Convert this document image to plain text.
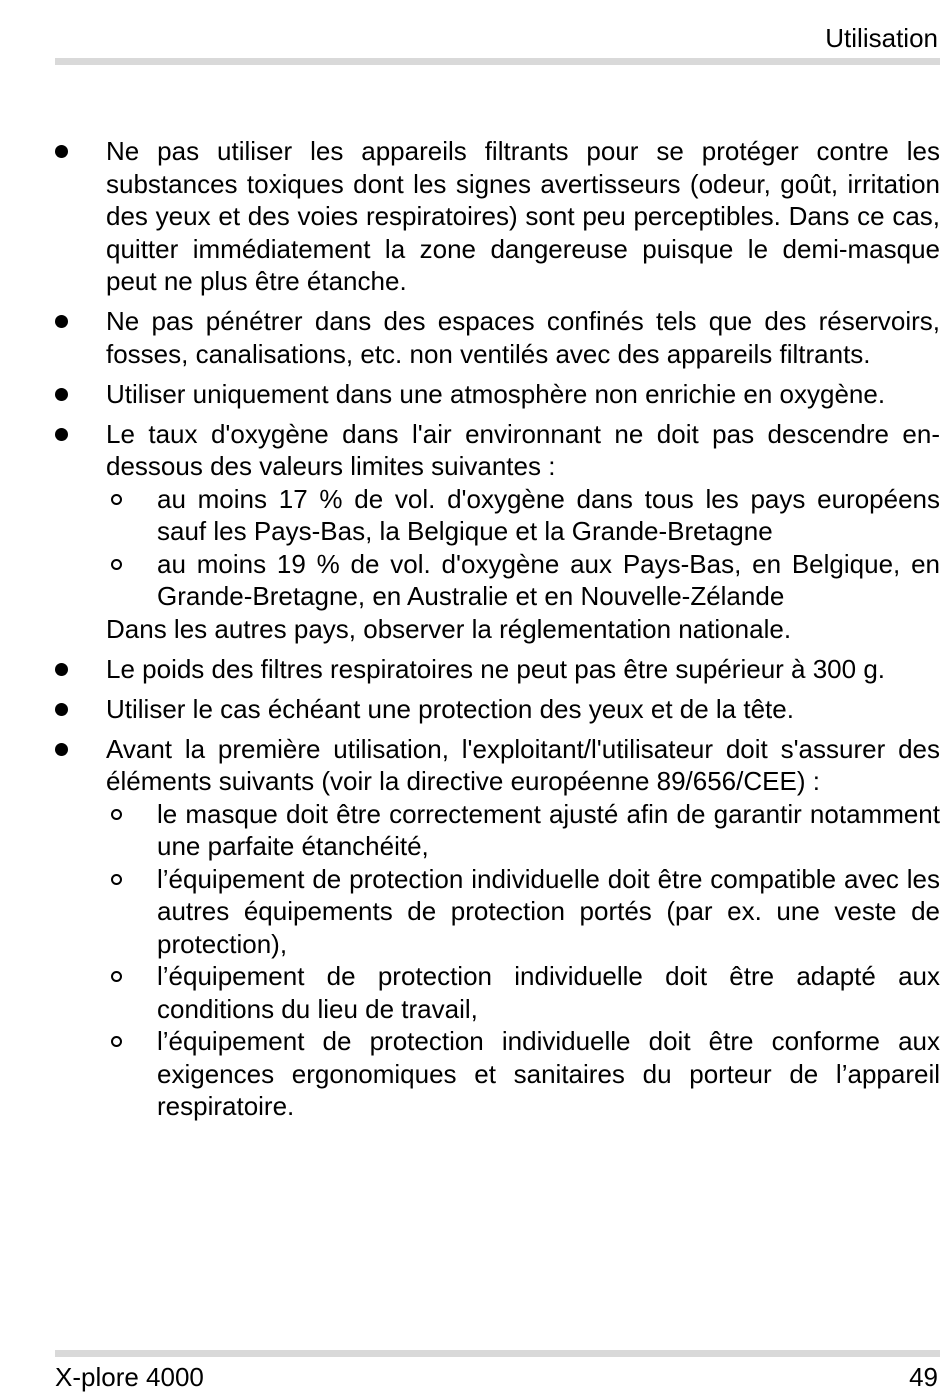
Utilisation
Ne pas utiliser les appareils filtrants pour se protéger contre les substances toxiques dont les signes avertisseurs (odeur, goût, irritation des yeux et des voies respiratoires) sont peu perceptibles. Dans ce cas, quitter immédiatement la zone dangereuse puisque le demi-masque peut ne plus être étanche.
Ne pas pénétrer dans des espaces confinés tels que des réservoirs, fosses, canalisations, etc. non ventilés avec des appareils filtrants.
Utiliser uniquement dans une atmosphère non enrichie en oxygène.
Le taux d'oxygène dans l'air environnant ne doit pas descendre en-dessous des valeurs limites suivantes :
au moins 17 % de vol. d'oxygène dans tous les pays européens sauf les Pays-Bas, la Belgique et la Grande-Bretagne
au moins 19 % de vol. d'oxygène aux Pays-Bas, en Belgique, en Grande-Bretagne, en Australie et en Nouvelle-Zélande
Dans les autres pays, observer la réglementation nationale.
Le poids des filtres respiratoires ne peut pas être supérieur à 300 g.
Utiliser le cas échéant une protection des yeux et de la tête.
Avant la première utilisation, l'exploitant/l'utilisateur doit s'assurer des éléments suivants (voir la directive européenne 89/656/CEE) :
le masque doit être correctement ajusté afin de garantir notamment une parfaite étanchéité,
l’équipement de protection individuelle doit être compatible avec les autres équipements de protection portés (par ex. une veste de protection),
l’équipement de protection individuelle doit être adapté aux conditions du lieu de travail,
l’équipement de protection individuelle doit être conforme aux exigences ergonomiques et sanitaires du porteur de l’appareil respiratoire.
X-plore 4000	49
